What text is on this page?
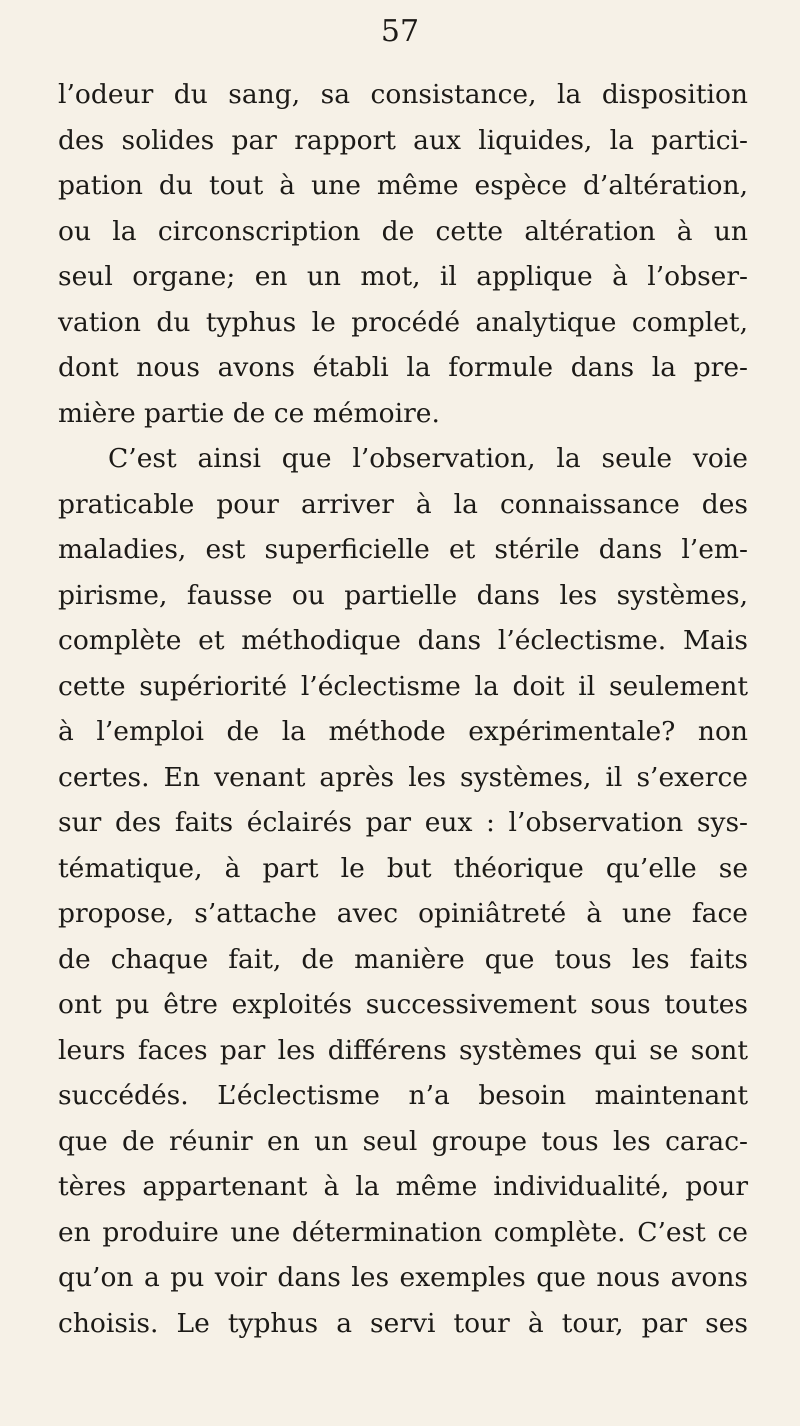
57
l’odeur du sang, sa consistance, la disposition
des solides par rapport aux liquides, la partici-
pation du tout à une même espèce d’altération,
ou la circonscription de cette altération à un
seul organe; en un mot, il applique à l’obser-
vation du typhus le procédé analytique complet,
dont nous avons établi la formule dans la pre-
mière partie de ce mémoire.
C’est ainsi que l’observation, la seule voie
praticable pour arriver à la connaissance des
maladies, est superficielle et stérile dans l’em-
pirisme, fausse ou partielle dans les systèmes,
complète et méthodique dans l’éclectisme. Mais
cette supériorité l’éclectisme la doit il seulement
à l’emploi de la méthode expérimentale? non
certes. En venant après les systèmes, il s’exerce
sur des faits éclairés par eux : l’observation sys-
tématique, à part le but théorique qu’elle se
propose, s’attache avec opiniâtreté à une face
de chaque fait, de manière que tous les faits
ont pu être exploités successivement sous toutes
leurs faces par les différens systèmes qui se sont
succédés. L’éclectisme n’a besoin maintenant
que de réunir en un seul groupe tous les carac-
tères appartenant à la même individualité, pour
en produire une détermination complète. C’est ce
qu’on a pu voir dans les exemples que nous avons
choisis. Le typhus a servi tour à tour, par ses
